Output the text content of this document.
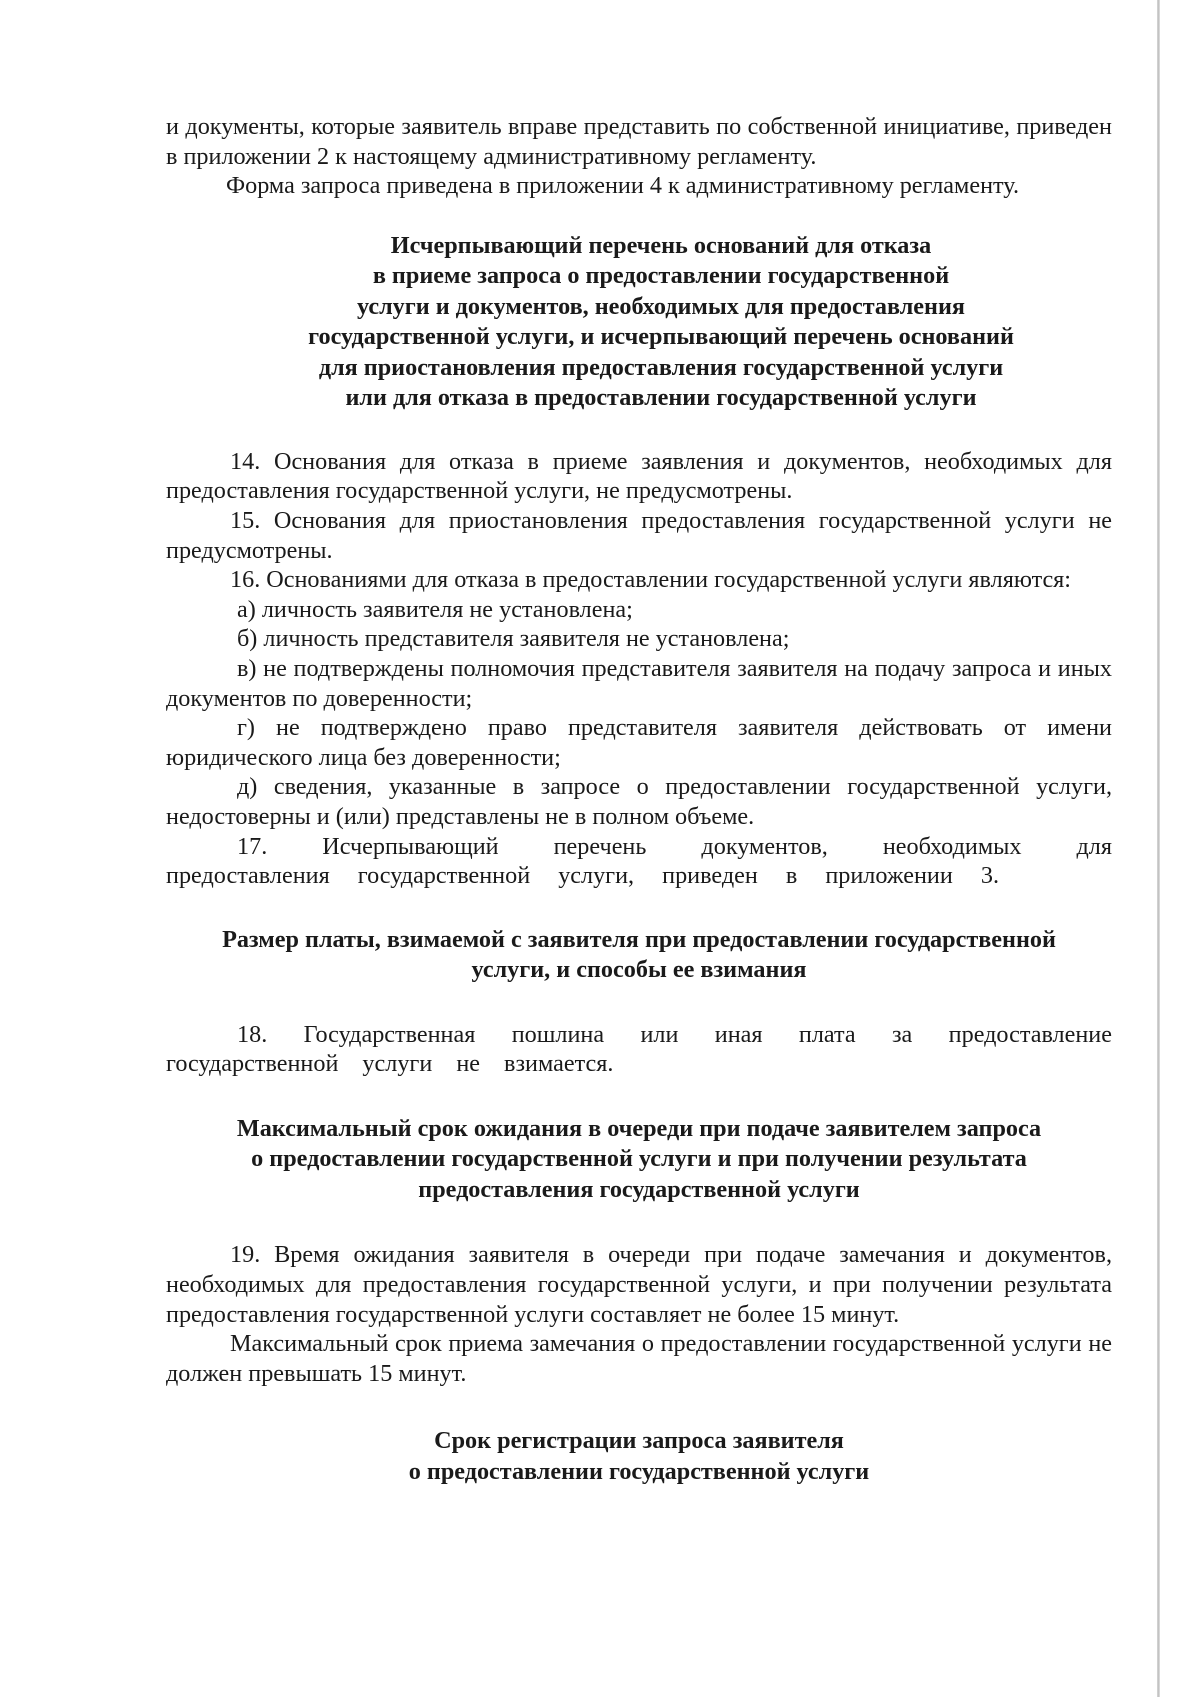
и документы, которые заявитель вправе представить по собственной инициативе, приведен в приложении 2 к настоящему административному регламенту.

Форма запроса приведена в приложении 4 к административному регламенту.

Исчерпывающий перечень оснований для отказа
в приеме запроса о предоставлении государственной
услуги и документов, необходимых для предоставления
государственной услуги, и исчерпывающий перечень оснований
для приостановления предоставления государственной услуги
или для отказа в предоставлении государственной услуги

14. Основания для отказа в приеме заявления и документов, необходимых для предоставления государственной услуги, не предусмотрены.

15. Основания для приостановления предоставления государственной услуги не предусмотрены.

16. Основаниями для отказа в предоставлении государственной услуги являются:

а) личность заявителя не установлена;

б) личность представителя заявителя не установлена;

в) не подтверждены полномочия представителя заявителя на подачу запроса и иных документов по доверенности;

г) не подтверждено право представителя заявителя действовать от имени юридического лица без доверенности;

д) сведения, указанные в запросе о предоставлении государственной услуги, недостоверны и (или) представлены не в полном объеме.

17. Исчерпывающий перечень документов, необходимых для предоставления государственной услуги, приведен в приложении 3.

Размер платы, взимаемой с заявителя при предоставлении государственной
услуги, и способы ее взимания

18. Государственная пошлина или иная плата за предоставление государственной услуги не взимается.

Максимальный срок ожидания в очереди при подаче заявителем запроса
о предоставлении государственной услуги и при получении результата
предоставления государственной услуги

19. Время ожидания заявителя в очереди при подаче замечания и документов, необходимых для предоставления государственной услуги, и при получении результата предоставления государственной услуги составляет не более 15 минут.

Максимальный срок приема замечания о предоставлении государственной услуги не должен превышать 15 минут.

Срок регистрации запроса заявителя
о предоставлении государственной услуги
